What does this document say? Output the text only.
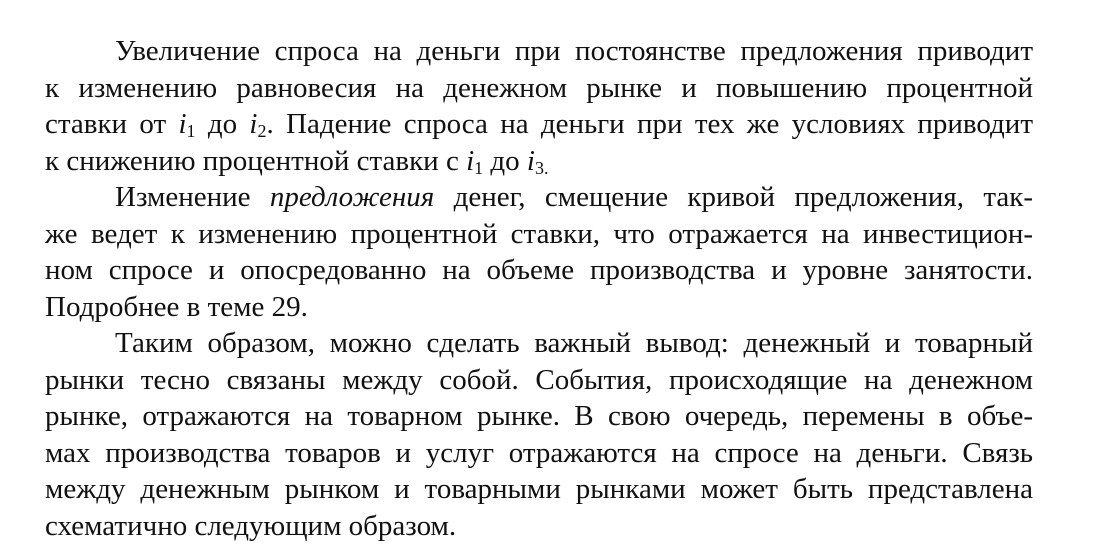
Увеличение спроса на деньги при постоянстве предложения приводит
к изменению равновесия на денежном рынке и повышению процентной
ставки от $i_1$ до $i_2$. Падение спроса на деньги при тех же условиях приводит
к снижению процентной ставки с $i_1$ до $i_{3.}$
Изменение предложения денег, смещение кривой предложения, так-
же ведет к изменению процентной ставки, что отражается на инвестицион-
ном спросе и опосредованно на объеме производства и уровне занятости.
Подробнее в теме 29.
Таким образом, можно сделать важный вывод: денежный и товарный
рынки тесно связаны между собой. События, происходящие на денежном
рынке, отражаются на товарном рынке. В свою очередь, перемены в объе-
мах производства товаров и услуг отражаются на спросе на деньги. Связь
между денежным рынком и товарными рынками может быть представлена
схематично следующим образом.
